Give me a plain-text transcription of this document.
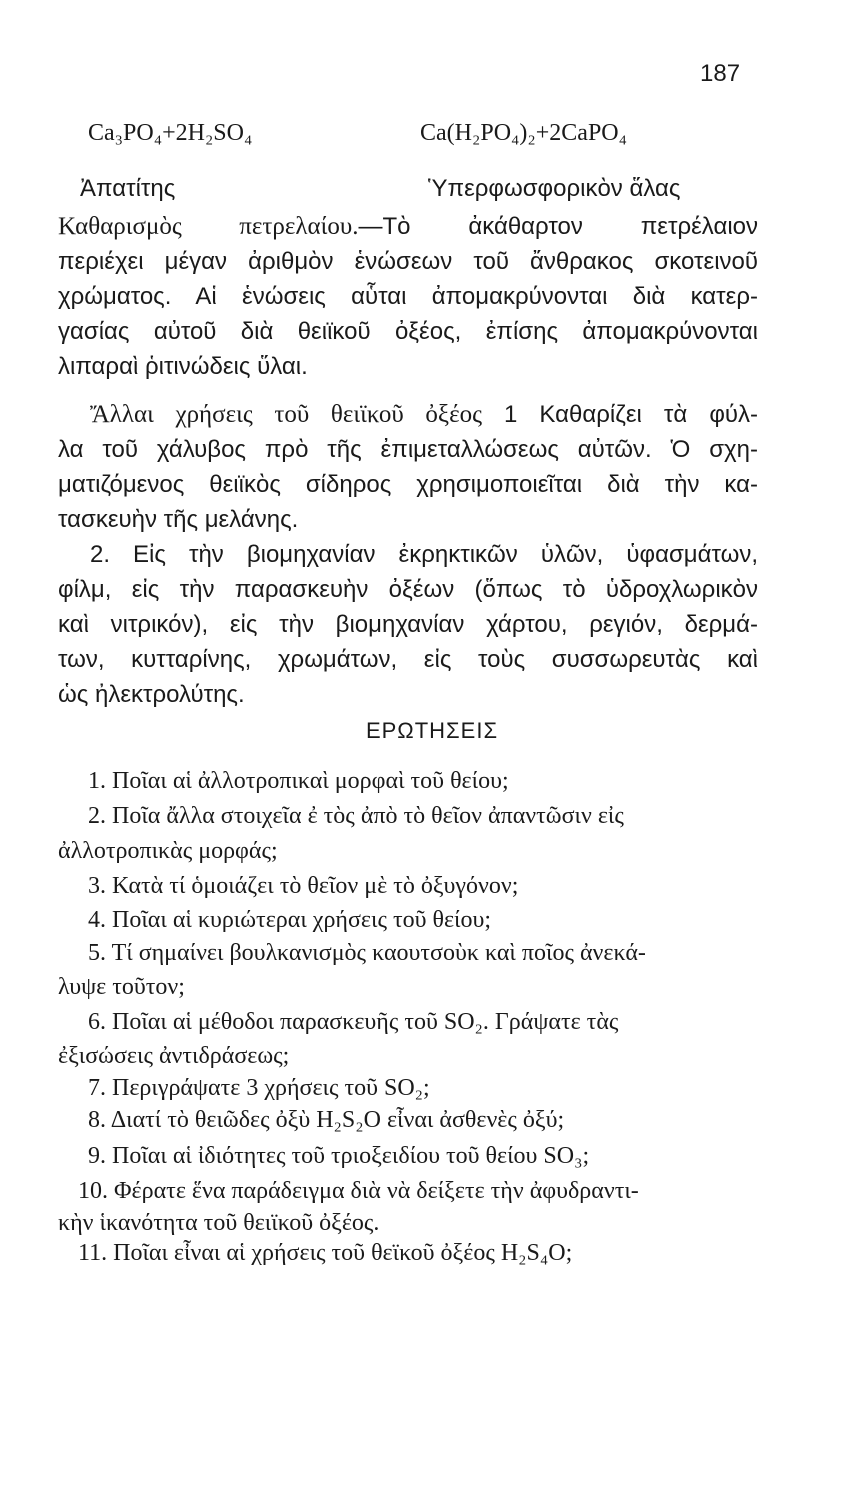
187
Ca₃PO₄+2H₂SO₄	Ca(H₂PO₄)₂+2CaPO₄
Ἀπατίτης	Ὑπερφωσφορικὸν ἅλας
Καθαρισμὸς πετρελαίου.—Τὸ ἀκάθαρτον πετρέλαιον
περιέχει μέγαν ἀριθμὸν ἑνώσεων τοῦ ἄνθρακος σκοτεινοῦ
χρώματος. Αἱ ἑνώσεις αὗται ἀπομακρύνονται διὰ κατερ-
γασίας αὐτοῦ διὰ θειϊκοῦ ὀξέος, ἐπίσης ἀπομακρύνονται
λιπαραὶ ῥιτινώδεις ὕλαι.
Ἄλλαι χρήσεις τοῦ θειϊκοῦ ὀξέος 1 Καθαρίζει τὰ φύλ-
λα τοῦ χάλυβος πρὸ τῆς ἐπιμεταλλώσεως αὐτῶν. Ὁ σχη-
ματιζόμενος θειϊκὸς σίδηρος χρησιμοποιεῖται διὰ τὴν κα-
τασκευὴν τῆς μελάνης.
2. Εἰς τὴν βιομηχανίαν ἐκρηκτικῶν ὑλῶν, ὑφασμάτων,
φίλμ, εἰς τὴν παρασκευὴν ὀξέων (ὅπως τὸ ὑδροχλωρικὸν
καὶ νιτρικόν), εἰς τὴν βιομηχανίαν χάρτου, ρεγιόν, δερμά-
των, κυτταρίνης, χρωμάτων, εἰς τοὺς συσσωρευτὰς καὶ
ὡς ἠλεκτρολύτης.
ΕΡΩΤΗΣΕΙΣ
1. Ποῖαι αἱ ἀλλοτροπικαὶ μορφαὶ τοῦ θείου;
2. Ποῖα ἄλλα στοιχεῖα ἐ τὸς ἀπὸ τὸ θεῖον ἀπαντῶσιν εἰς
ἀλλοτροπικὰς μορφάς;
3. Κατὰ τί ὁμοιάζει τὸ θεῖον μὲ τὸ ὀξυγόνον;
4. Ποῖαι αἱ κυριώτεραι χρήσεις τοῦ θείου;
5. Τί σημαίνει βουλκανισμὸς καουτσοὺκ καὶ ποῖος ἀνεκά-
λυψε τοῦτον;
6. Ποῖαι αἱ μέθοδοι παρασκευῆς τοῦ SO₂. Γράψατε τὰς
ἐξισώσεις ἀντιδράσεως;
7. Περιγράψατε 3 χρήσεις τοῦ SO₂;
8. Διατί τὸ θειῶδες ὀξὺ H₂S₂O εἶναι ἀσθενὲς ὀξύ;
9. Ποῖαι αἱ ἰδιότητες τοῦ τριοξειδίου τοῦ θείου SO₃;
10. Φέρατε ἕνα παράδειγμα διὰ νὰ δείξετε τὴν ἀφυδραντι-
κὴν ἱκανότητα τοῦ θειϊκοῦ ὀξέος.
11. Ποῖαι εἶναι αἱ χρήσεις τοῦ θεϊκοῦ ὀξέος H₂S₄O;
